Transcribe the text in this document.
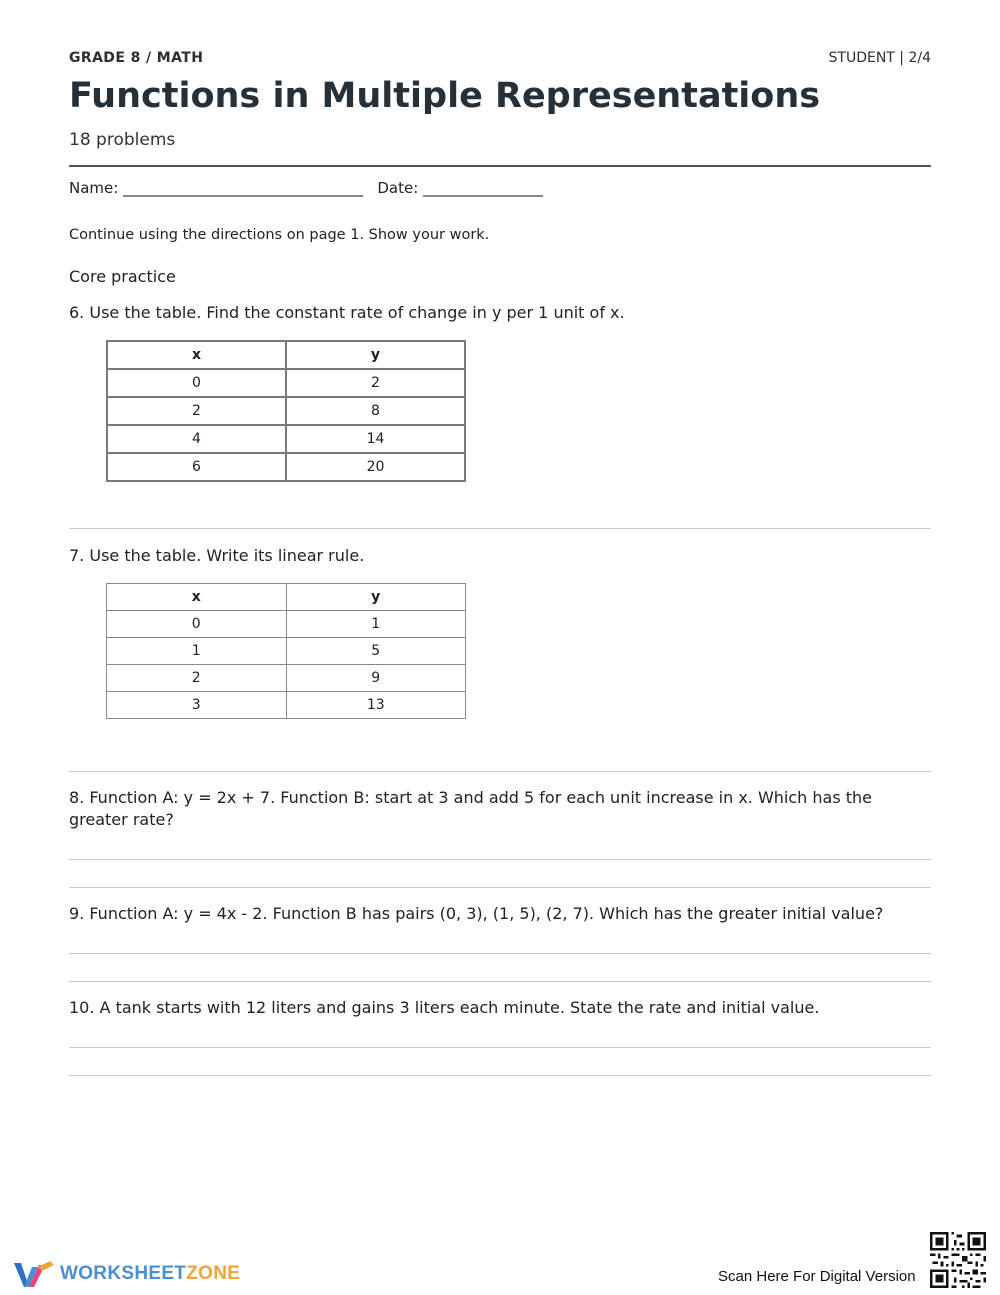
GRADE 8 / MATH	STUDENT | 2/4
Functions in Multiple Representations
18 problems
Name: ________________________________   Date: ________________
Continue using the directions on page 1. Show your work.
Core practice
6. Use the table. Find the constant rate of change in y per 1 unit of x.
x	y
0	2
2	8
4	14
6	20
7. Use the table. Write its linear rule.
x	y
0	1
1	5
2	9
3	13
8. Function A: y = 2x + 7. Function B: start at 3 and add 5 for each unit increase in x. Which has the greater rate?
9. Function A: y = 4x - 2. Function B has pairs (0, 3), (1, 5), (2, 7). Which has the greater initial value?
10. A tank starts with 12 liters and gains 3 liters each minute. State the rate and initial value.
WORKSHEETZONE	Scan Here For Digital Version
